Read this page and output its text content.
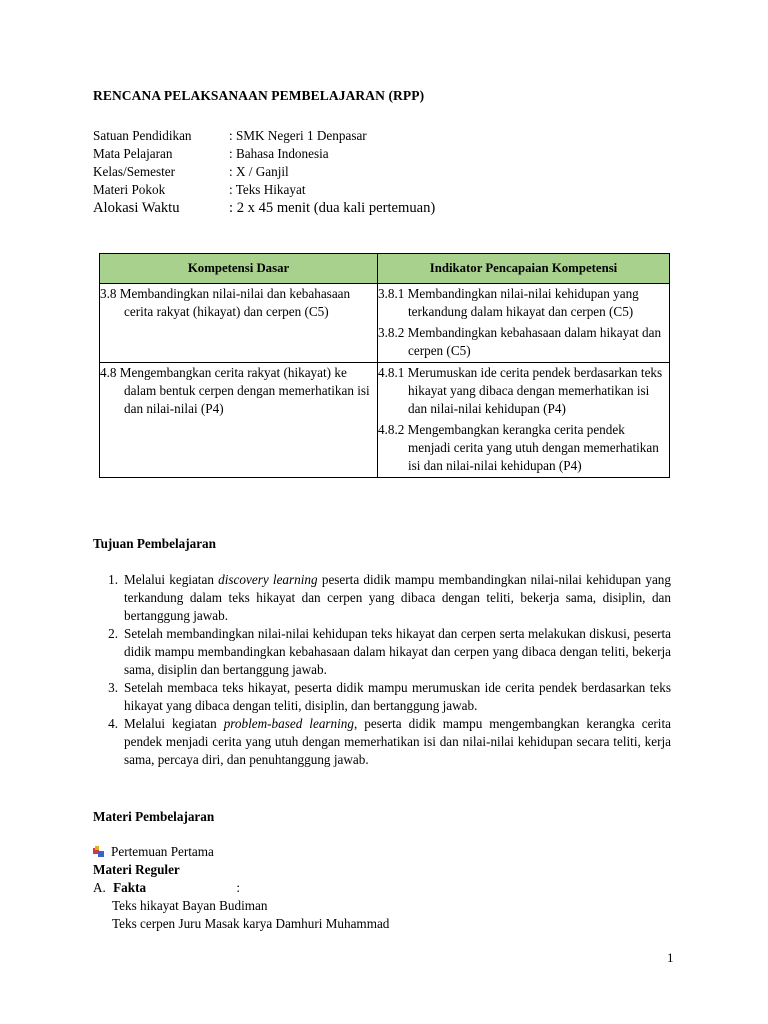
RENCANA PELAKSANAAN PEMBELAJARAN (RPP)
Satuan Pendidikan	: SMK Negeri 1 Denpasar
Mata Pelajaran	: Bahasa Indonesia
Kelas/Semester	: X / Ganjil
Materi Pokok	: Teks Hikayat
Alokasi Waktu	: 2 x 45 menit (dua kali pertemuan)
Kompetensi Dasar	Indikator Pencapaian Kompetensi

3.8 Membandingkan nilai-nilai dan kebahasaan cerita rakyat (hikayat) dan cerpen (C5)	3.8.1 Membandingkan nilai-nilai kehidupan yang terkandung dalam hikayat dan cerpen (C5)
3.8.2 Membandingkan kebahasaan dalam hikayat dan cerpen (C5)

4.8 Mengembangkan cerita rakyat (hikayat) ke dalam bentuk cerpen dengan memerhatikan isi dan nilai-nilai (P4)	4.8.1 Merumuskan ide cerita pendek berdasarkan teks hikayat yang dibaca dengan memerhatikan isi dan nilai-nilai kehidupan (P4)
4.8.2 Mengembangkan kerangka cerita pendek menjadi cerita yang utuh dengan memerhatikan isi dan nilai-nilai kehidupan (P4)
Tujuan Pembelajaran
1. Melalui kegiatan discovery learning peserta didik mampu membandingkan nilai-nilai kehidupan yang terkandung dalam teks hikayat dan cerpen yang dibaca dengan teliti, bekerja sama, disiplin, dan bertanggung jawab.
2. Setelah membandingkan nilai-nilai kehidupan teks hikayat dan cerpen serta melakukan diskusi, peserta didik mampu membandingkan kebahasaan dalam hikayat dan cerpen yang dibaca dengan teliti, bekerja sama, disiplin dan bertanggung jawab.
3. Setelah membaca teks hikayat, peserta didik mampu merumuskan ide cerita pendek berdasarkan teks hikayat yang dibaca dengan teliti, disiplin, dan bertanggung jawab.
4. Melalui kegiatan problem-based learning, peserta didik mampu mengembangkan kerangka cerita pendek menjadi cerita yang utuh dengan memerhatikan isi dan nilai-nilai kehidupan secara teliti, kerja sama, percaya diri, dan penuhtanggung jawab.
Materi Pembelajaran
Pertemuan Pertama
Materi Reguler
A. Fakta	:
Teks hikayat Bayan Budiman
Teks cerpen Juru Masak karya Damhuri Muhammad
1
